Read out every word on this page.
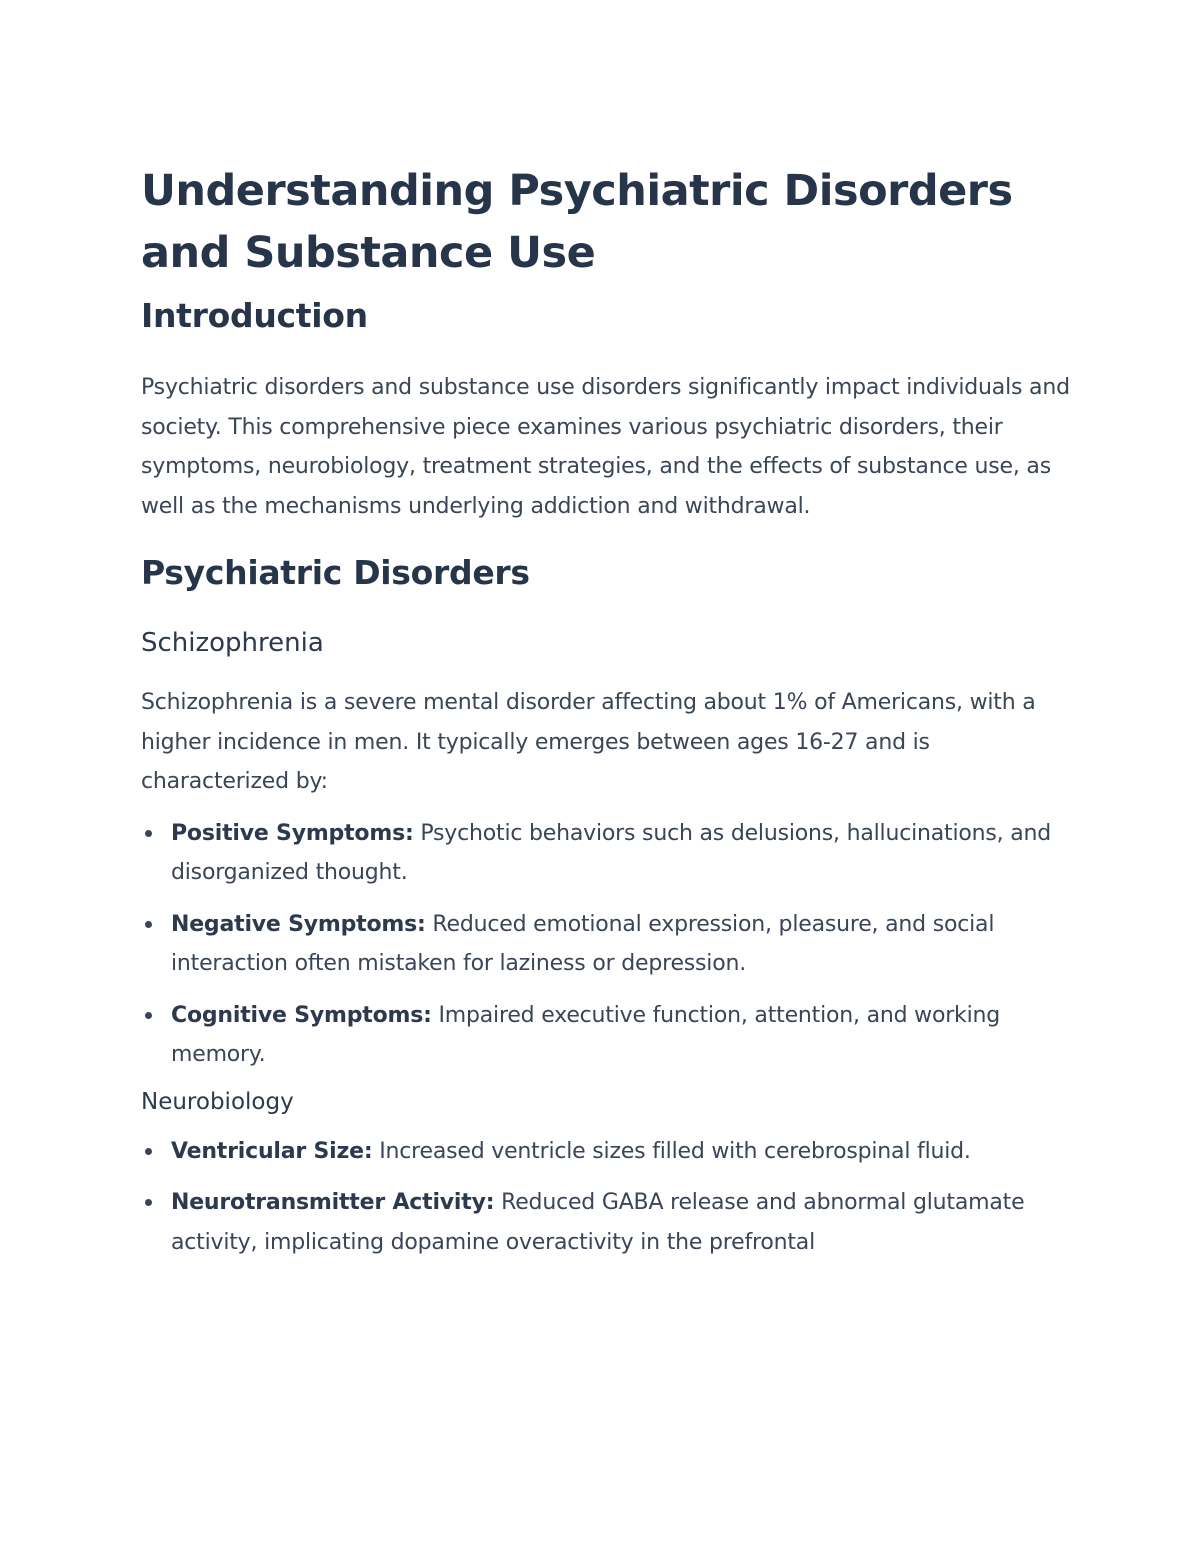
Understanding Psychiatric Disorders and Substance Use
Introduction

Psychiatric disorders and substance use disorders significantly impact individuals and society. This comprehensive piece examines various psychiatric disorders, their symptoms, neurobiology, treatment strategies, and the effects of substance use, as well as the mechanisms underlying addiction and withdrawal.

Psychiatric Disorders
Schizophrenia

Schizophrenia is a severe mental disorder affecting about 1% of Americans, with a higher incidence in men. It typically emerges between ages 16-27 and is characterized by:

Positive Symptoms: Psychotic behaviors such as delusions, hallucinations, and disorganized thought.
Negative Symptoms: Reduced emotional expression, pleasure, and social interaction often mistaken for laziness or depression.
Cognitive Symptoms: Impaired executive function, attention, and working memory.
Neurobiology
Ventricular Size: Increased ventricle sizes filled with cerebrospinal fluid.
Neurotransmitter Activity: Reduced GABA release and abnormal glutamate activity, implicating dopamine overactivity in the prefrontal
